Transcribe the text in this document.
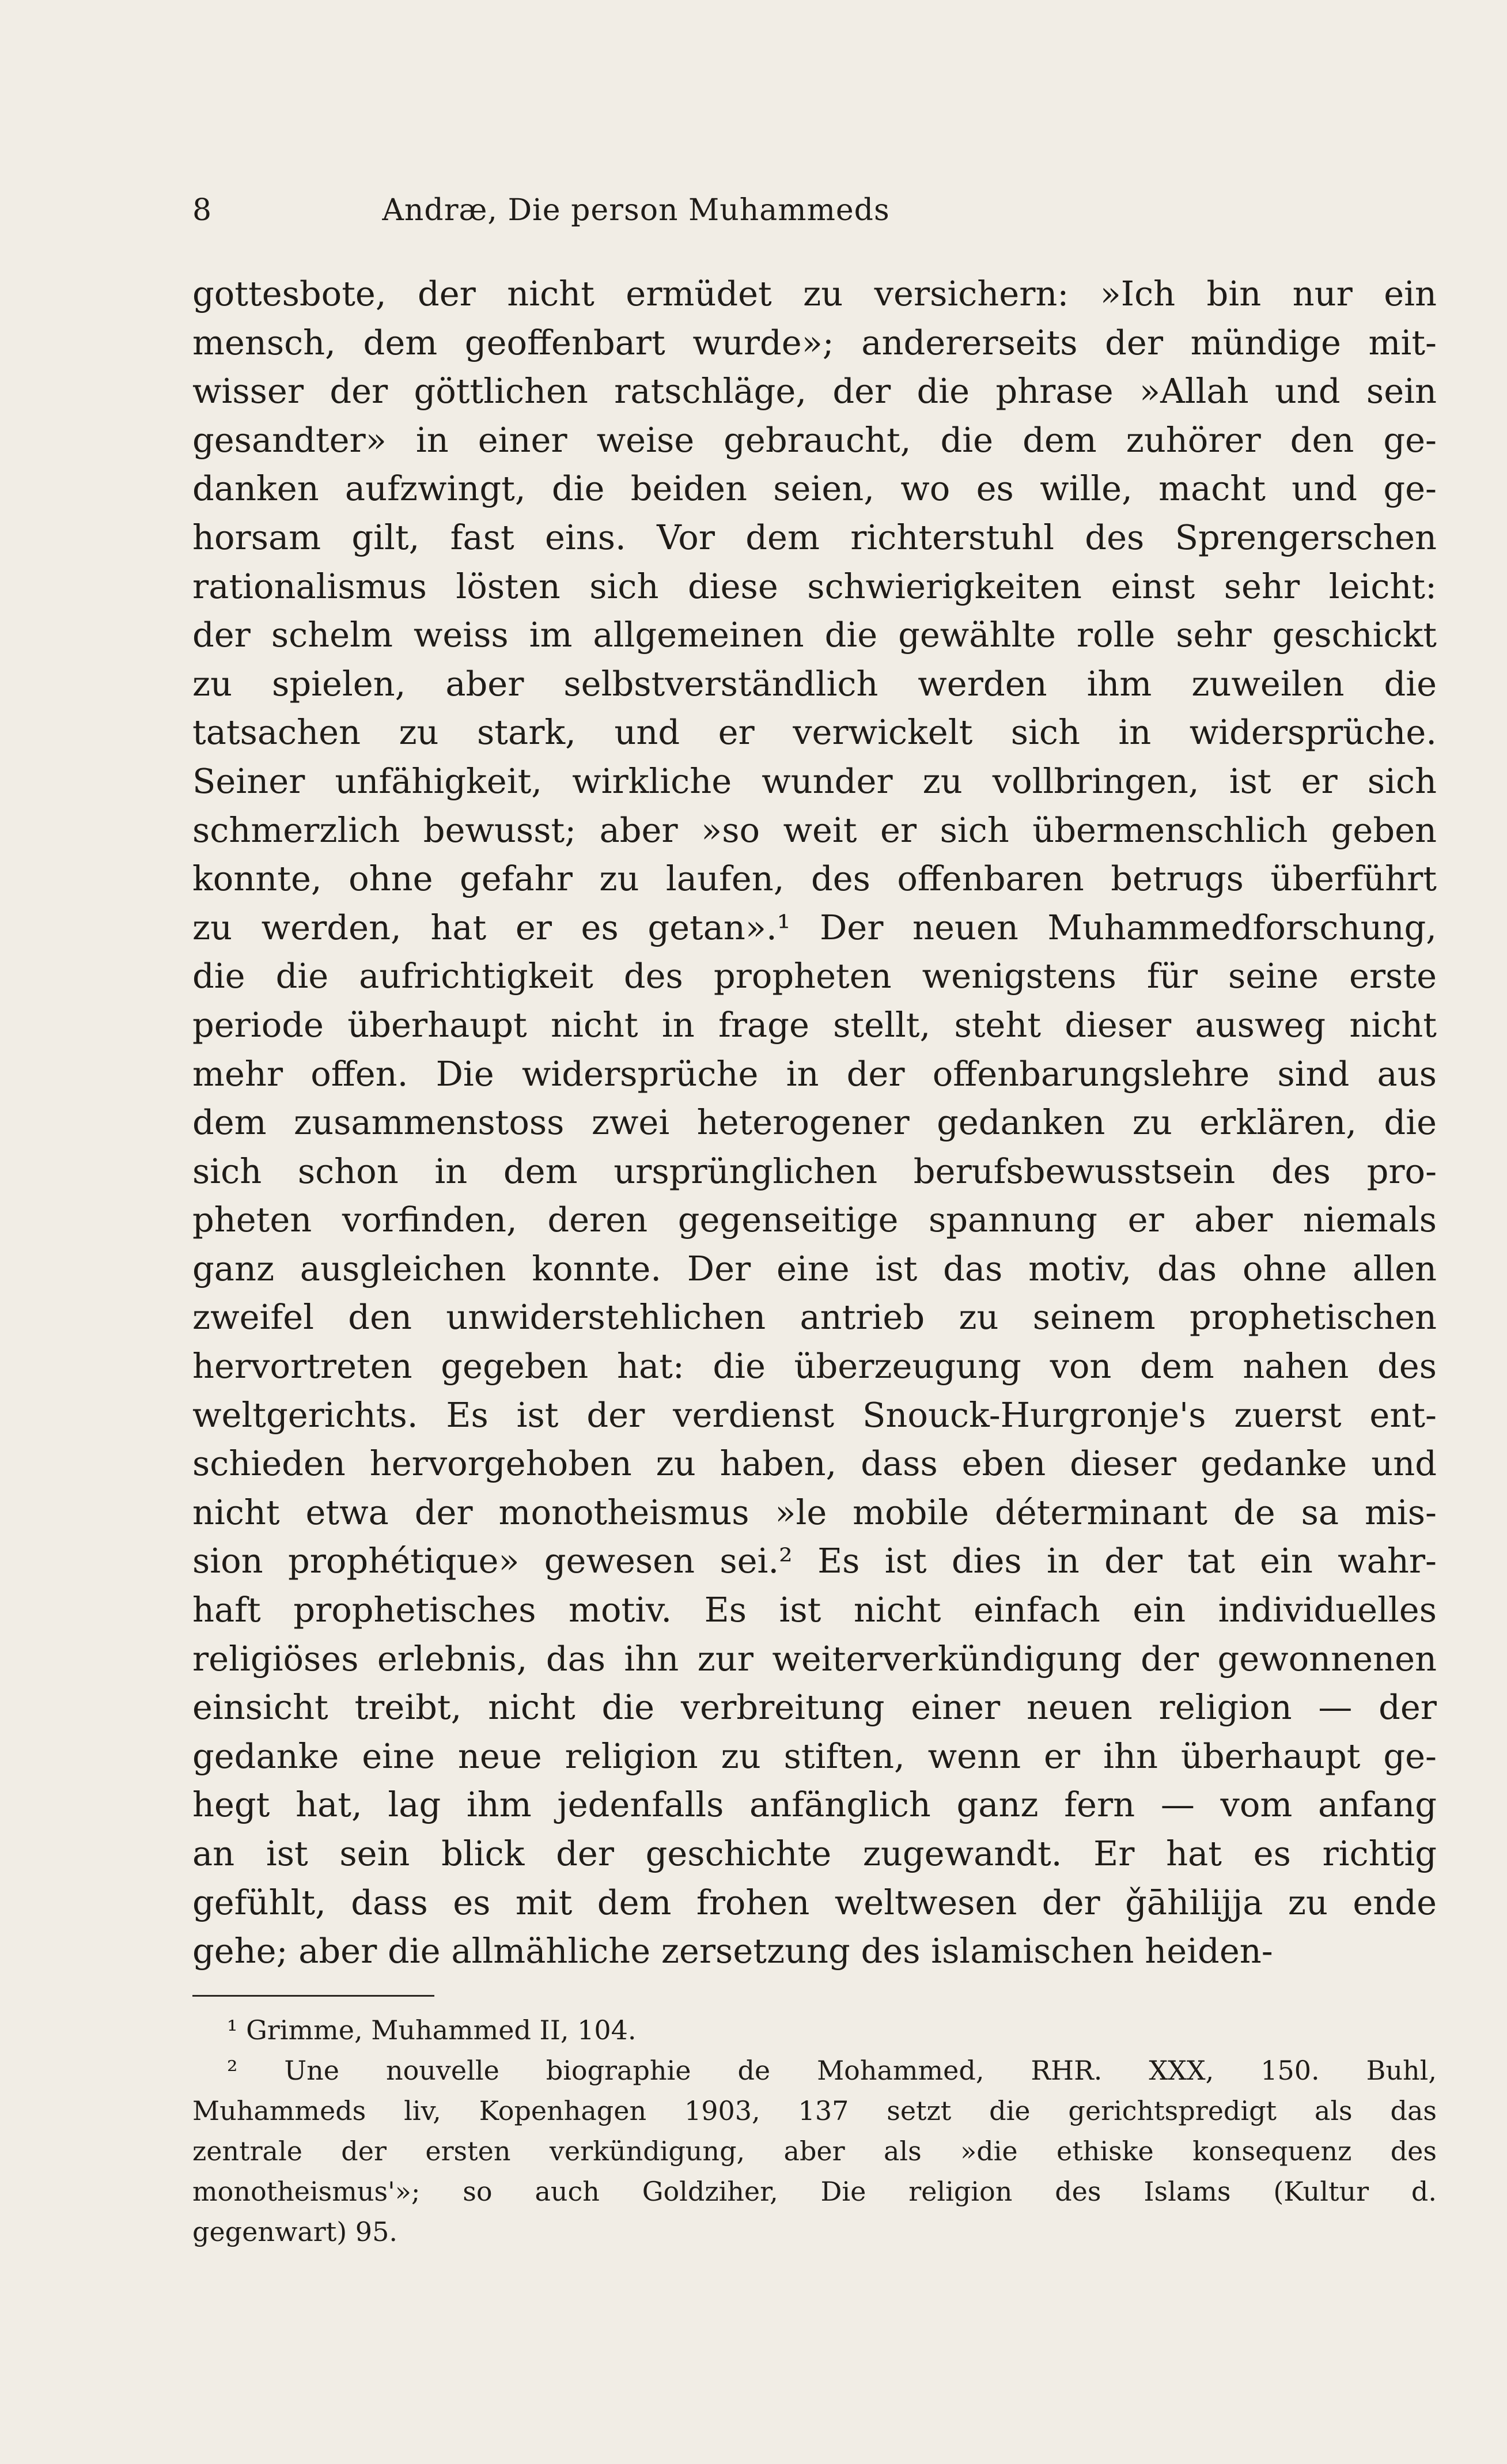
8	Andræ, Die person Muhammeds
gottesbote, der nicht ermüdet zu versichern: »Ich bin nur ein
mensch, dem geoffenbart wurde»; andererseits der mündige mit-
wisser der göttlichen ratschläge, der die phrase »Allah und sein
gesandter» in einer weise gebraucht, die dem zuhörer den ge-
danken aufzwingt, die beiden seien, wo es wille, macht und ge-
horsam gilt, fast eins. Vor dem richterstuhl des Sprengerschen
rationalismus lösten sich diese schwierigkeiten einst sehr leicht:
der schelm weiss im allgemeinen die gewählte rolle sehr geschickt
zu spielen, aber selbstverständlich werden ihm zuweilen die
tatsachen zu stark, und er verwickelt sich in widersprüche.
Seiner unfähigkeit, wirkliche wunder zu vollbringen, ist er sich
schmerzlich bewusst; aber »so weit er sich übermenschlich geben
konnte, ohne gefahr zu laufen, des offenbaren betrugs überführt
zu werden, hat er es getan».¹ Der neuen Muhammedforschung,
die die aufrichtigkeit des propheten wenigstens für seine erste
periode überhaupt nicht in frage stellt, steht dieser ausweg nicht
mehr offen. Die widersprüche in der offenbarungslehre sind aus
dem zusammenstoss zwei heterogener gedanken zu erklären, die
sich schon in dem ursprünglichen berufsbewusstsein des pro-
pheten vorfinden, deren gegenseitige spannung er aber niemals
ganz ausgleichen konnte. Der eine ist das motiv, das ohne allen
zweifel den unwiderstehlichen antrieb zu seinem prophetischen
hervortreten gegeben hat: die überzeugung von dem nahen des
weltgerichts. Es ist der verdienst Snouck-Hurgronje's zuerst ent-
schieden hervorgehoben zu haben, dass eben dieser gedanke und
nicht etwa der monotheismus »le mobile déterminant de sa mis-
sion prophétique» gewesen sei.² Es ist dies in der tat ein wahr-
haft prophetisches motiv. Es ist nicht einfach ein individuelles
religiöses erlebnis, das ihn zur weiterverkündigung der gewonnenen
einsicht treibt, nicht die verbreitung einer neuen religion — der
gedanke eine neue religion zu stiften, wenn er ihn überhaupt ge-
hegt hat, lag ihm jedenfalls anfänglich ganz fern — vom anfang
an ist sein blick der geschichte zugewandt. Er hat es richtig
gefühlt, dass es mit dem frohen weltwesen der ǧāhilijja zu ende
gehe; aber die allmähliche zersetzung des islamischen heiden-
¹ Grimme, Muhammed II, 104.
² Une nouvelle biographie de Mohammed, RHR. XXX, 150. Buhl,
Muhammeds liv, Kopenhagen 1903, 137 setzt die gerichtspredigt als das
zentrale der ersten verkündigung, aber als »die ethiske konsequenz des
monotheismus'»; so auch Goldziher, Die religion des Islams (Kultur d.
gegenwart) 95.
